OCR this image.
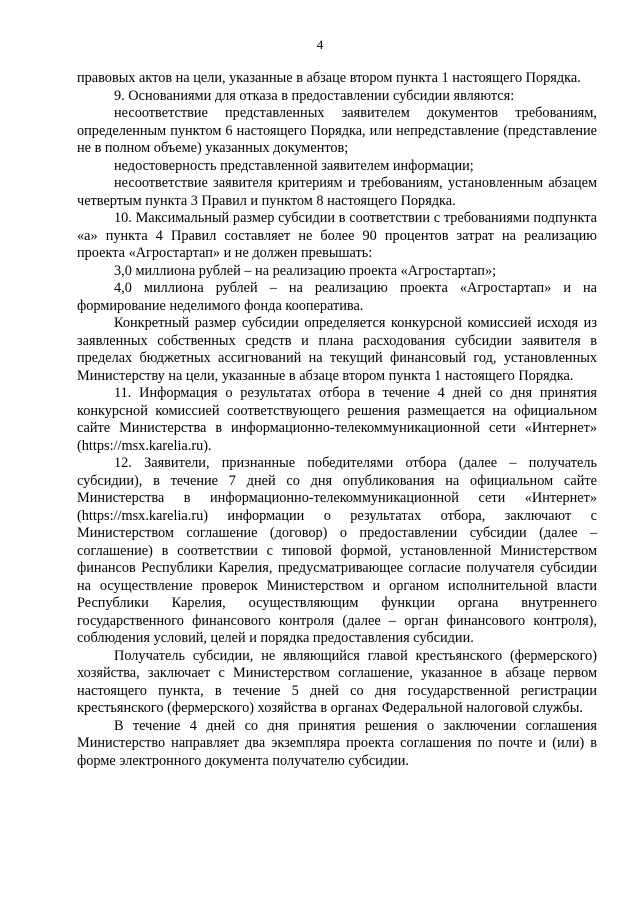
4

правовых актов на цели, указанные в абзаце втором пункта 1 настоящего Порядка.

9. Основаниями для отказа в предоставлении субсидии являются:

несоответствие представленных заявителем документов требованиям, определенным пунктом 6 настоящего Порядка, или непредставление (представление не в полном объеме) указанных документов;

недостоверность представленной заявителем информации;

несоответствие заявителя критериям и требованиям, установленным абзацем четвертым пункта 3 Правил и пунктом 8 настоящего Порядка.

10. Максимальный размер субсидии в соответствии с требованиями подпункта «а» пункта 4 Правил составляет не более 90 процентов затрат на реализацию проекта «Агростартап» и не должен превышать:

3,0 миллиона рублей – на реализацию проекта «Агростартап»;

4,0 миллиона рублей – на реализацию проекта «Агростартап» и на формирование неделимого фонда кооператива.

Конкретный размер субсидии определяется конкурсной комиссией исходя из заявленных собственных средств и плана расходования субсидии заявителя в пределах бюджетных ассигнований на текущий финансовый год, установленных Министерству на цели, указанные в абзаце втором пункта 1 настоящего Порядка.

11. Информация о результатах отбора в течение 4 дней со дня принятия конкурсной комиссией соответствующего решения размещается на официальном сайте Министерства в информационно-телекоммуникационной сети «Интернет» (https://msx.karelia.ru).

12. Заявители, признанные победителями отбора (далее – получатель субсидии), в течение 7 дней со дня опубликования на официальном сайте Министерства в информационно-телекоммуникационной сети «Интернет» (https://msx.karelia.ru) информации о результатах отбора, заключают с Министерством соглашение (договор) о предоставлении субсидии (далее – соглашение) в соответствии с типовой формой, установленной Министерством финансов Республики Карелия, предусматривающее согласие получателя субсидии на осуществление проверок Министерством и органом исполнительной власти Республики Карелия, осуществляющим функции органа внутреннего государственного финансового контроля (далее – орган финансового контроля), соблюдения условий, целей и порядка предоставления субсидии.

Получатель субсидии, не являющийся главой крестьянского (фермерского) хозяйства, заключает с Министерством соглашение, указанное в абзаце первом настоящего пункта, в течение 5 дней со дня государственной регистрации крестьянского (фермерского) хозяйства в органах Федеральной налоговой службы.

В течение 4 дней со дня принятия решения о заключении соглашения Министерство направляет два экземпляра проекта соглашения по почте и (или) в форме электронного документа получателю субсидии.
